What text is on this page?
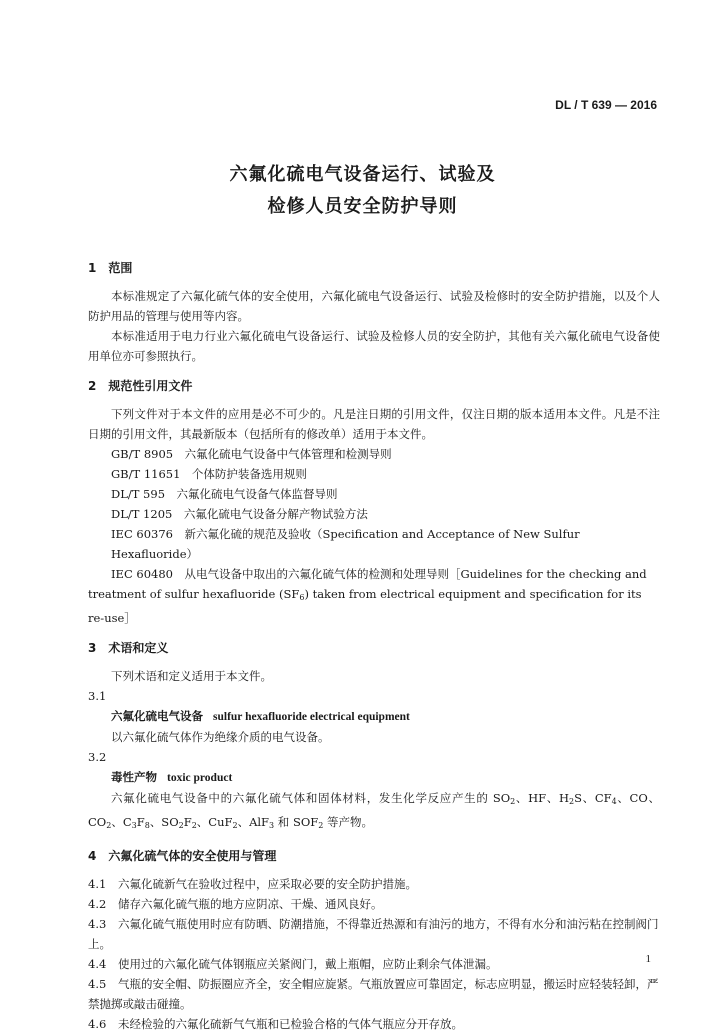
DL / T 639 — 2016
六氟化硫电气设备运行、试验及
检修人员安全防护导则

1　范围

本标准规定了六氟化硫气体的安全使用，六氟化硫电气设备运行、试验及检修时的安全防护措施，以及个人防护用品的管理与使用等内容。

本标准适用于电力行业六氟化硫电气设备运行、试验及检修人员的安全防护，其他有关六氟化硫电气设备使用单位亦可参照执行。

2　规范性引用文件

下列文件对于本文件的应用是必不可少的。凡是注日期的引用文件，仅注日期的版本适用本文件。凡是不注日期的引用文件，其最新版本（包括所有的修改单）适用于本文件。

GB/T 8905　六氟化硫电气设备中气体管理和检测导则

GB/T 11651　个体防护装备选用规则

DL/T 595　六氟化硫电气设备气体监督导则

DL/T 1205　六氟化硫电气设备分解产物试验方法

IEC 60376　新六氟化硫的规范及验收（Specification and Acceptance of New Sulfur Hexafluoride）

IEC 60480　从电气设备中取出的六氟化硫气体的检测和处理导则［Guidelines for the checking and treatment of sulfur hexafluoride $(SF_6)$ taken from electrical equipment and specification for its re-use］

3　术语和定义

下列术语和定义适用于本文件。

3.1

六氟化硫电气设备 sulfur hexafluoride electrical equipment

以六氟化硫气体作为绝缘介质的电气设备。

3.2

毒性产物 toxic product

六氟化硫电气设备中的六氟化硫气体和固体材料，发生化学反应产生的 $SO_2$、HF、$H_2S$、$CF_4$、CO、$CO_2$、$C_3F_8$、$SO_2F_2$、CuF$_2$、AlF$_3$ 和 $SOF_2$ 等产物。

4　六氟化硫气体的安全使用与管理

4.1 六氟化硫新气在验收过程中，应采取必要的安全防护措施。

4.2 储存六氟化硫气瓶的地方应阴凉、干燥、通风良好。

4.3 六氟化硫气瓶使用时应有防晒、防潮措施，不得靠近热源和有油污的地方，不得有水分和油污粘在控制阀门上。

4.4 使用过的六氟化硫气体钢瓶应关紧阀门，戴上瓶帽，应防止剩余气体泄漏。

4.5 气瓶的安全帽、防振圈应齐全，安全帽应旋紧。气瓶放置应可靠固定，标志应明显，搬运时应轻装轻卸，严禁抛掷或敲击碰撞。

4.6 未经检验的六氟化硫新气气瓶和已检验合格的气体气瓶应分开存放。

1
